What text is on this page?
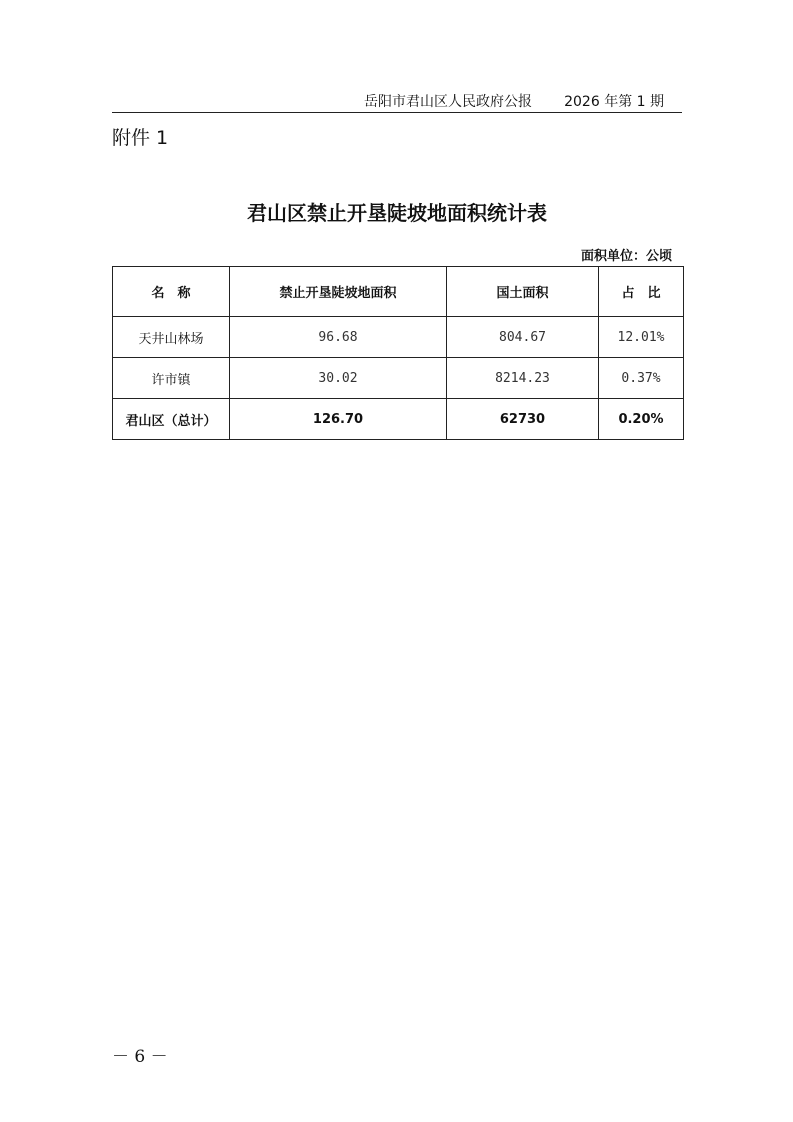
岳阳市君山区人民政府公报 2026 年第 1 期
附件 1
君山区禁止开垦陡坡地面积统计表
面积单位：公顷
名　称	禁止开垦陡坡地面积	国土面积	占　比
天井山林场	96.68	804.67	12.01%
许市镇	30.02	8214.23	0.37%
君山区（总计）	126.70	62730	0.20%
－ 6 －
